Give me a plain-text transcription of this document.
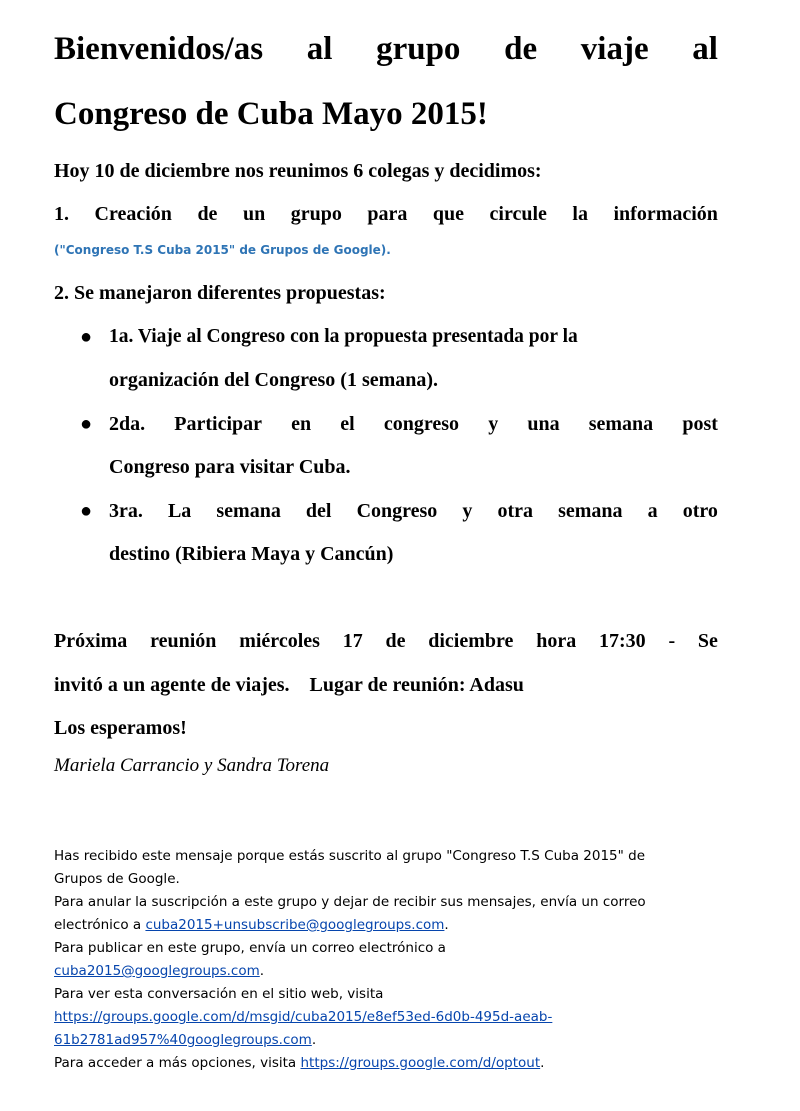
Bienvenidos/as al grupo de viaje al
Congreso de Cuba Mayo 2015!
Hoy 10 de diciembre nos reunimos 6 colegas y decidimos:
1. Creación de un grupo para que circule la información
("Congreso T.S Cuba 2015" de Grupos de Google).
2. Se manejaron diferentes propuestas:
● 1a. Viaje al Congreso con la propuesta presentada por la
organización del Congreso (1 semana).
● 2da. Participar en el congreso y una semana post
Congreso para visitar Cuba.
● 3ra. La semana del Congreso y otra semana a otro
destino (Ribiera Maya y Cancún)
Próxima reunión miércoles 17 de diciembre hora 17:30 - Se
invitó a un agente de viajes.    Lugar de reunión: Adasu
Los esperamos!
Mariela Carrancio y Sandra Torena
Has recibido este mensaje porque estás suscrito al grupo "Congreso T.S Cuba 2015" de
Grupos de Google.
Para anular la suscripción a este grupo y dejar de recibir sus mensajes, envía un correo
electrónico a cuba2015+unsubscribe@googlegroups.com.
Para publicar en este grupo, envía un correo electrónico a
cuba2015@googlegroups.com.
Para ver esta conversación en el sitio web, visita
https://groups.google.com/d/msgid/cuba2015/e8ef53ed-6d0b-495d-aeab-
61b2781ad957%40googlegroups.com.
Para acceder a más opciones, visita https://groups.google.com/d/optout.
